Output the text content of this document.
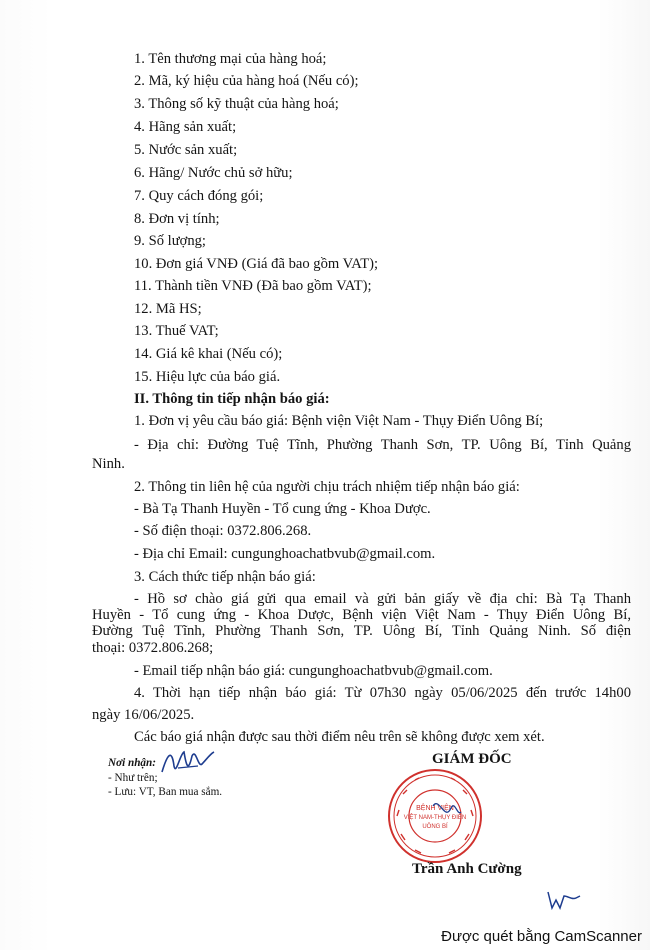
1. Tên thương mại của hàng hoá;
2. Mã, ký hiệu của hàng hoá (Nếu có);
3. Thông số kỹ thuật của hàng hoá;
4. Hãng sản xuất;
5. Nước sản xuất;
6. Hãng/ Nước chủ sở hữu;
7. Quy cách đóng gói;
8. Đơn vị tính;
9. Số lượng;
10. Đơn giá VNĐ (Giá đã bao gồm VAT);
11. Thành tiền VNĐ (Đã bao gồm VAT);
12. Mã HS;
13. Thuế VAT;
14. Giá kê khai (Nếu có);
15. Hiệu lực của báo giá.
II. Thông tin tiếp nhận báo giá:
1. Đơn vị yêu cầu báo giá: Bệnh viện Việt Nam - Thụy Điển Uông Bí;
- Địa chỉ: Đường Tuệ Tĩnh, Phường Thanh Sơn, TP. Uông Bí, Tỉnh Quảng
Ninh.
2. Thông tin liên hệ của người chịu trách nhiệm tiếp nhận báo giá:
- Bà Tạ Thanh Huyền - Tổ cung ứng - Khoa Dược.
- Số điện thoại: 0372.806.268.
- Địa chỉ Email: cungunghoachatbvub@gmail.com.
3. Cách thức tiếp nhận báo giá:
- Hồ sơ chào giá gửi qua email và gửi bản giấy về địa chỉ: Bà Tạ Thanh
Huyền - Tổ cung ứng - Khoa Dược, Bệnh viện Việt Nam - Thụy Điển Uông Bí,
Đường Tuệ Tĩnh, Phường Thanh Sơn, TP. Uông Bí, Tỉnh Quảng Ninh. Số điện
thoại: 0372.806.268;
- Email tiếp nhận báo giá: cungunghoachatbvub@gmail.com.
4. Thời hạn tiếp nhận báo giá: Từ 07h30 ngày 05/06/2025 đến trước 14h00
ngày 16/06/2025.
Các báo giá nhận được sau thời điểm nêu trên sẽ không được xem xét.
Nơi nhận:
- Như trên;
- Lưu: VT, Ban mua sắm.
GIÁM ĐỐC
BỆNH VIỆN
VIỆT NAM-THỤY ĐIỂN
UÔNG BÍ
Trần Anh Cường
Được quét bằng CamScanner
